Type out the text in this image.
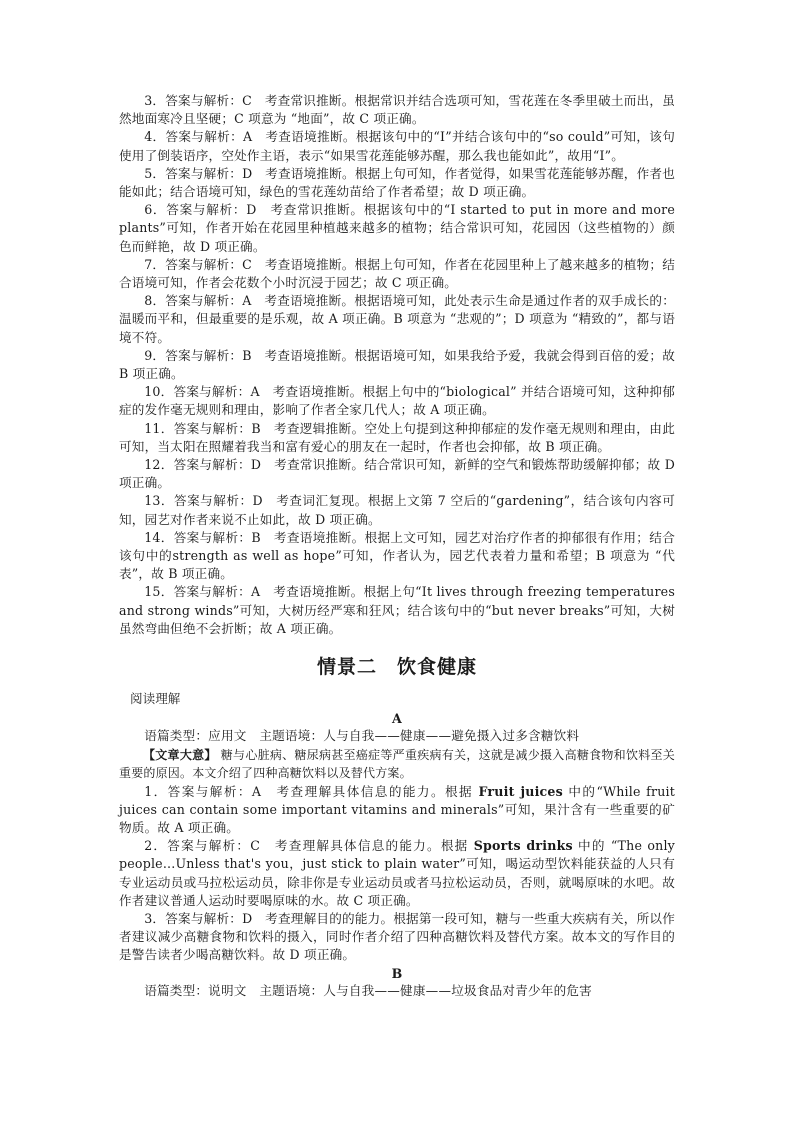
3．答案与解析：C　考查常识推断。根据常识并结合选项可知，雪花莲在冬季里破土而出，虽然地面寒冷且坚硬；C 项意为 “地面”，故 C 项正确。

4．答案与解析：A　考查语境推断。根据该句中的“I”并结合该句中的“so could”可知，该句使用了倒装语序，空处作主语，表示“如果雪花莲能够苏醒，那么我也能如此”，故用“I”。

5．答案与解析：D　考查语境推断。根据上句可知，作者觉得，如果雪花莲能够苏醒，作者也能如此；结合语境可知，绿色的雪花莲幼苗给了作者希望；故 D 项正确。

6．答案与解析：D　考查常识推断。根据该句中的“I started to put in more and more plants”可知，作者开始在花园里种植越来越多的植物；结合常识可知，花园因（这些植物的）颜色而鲜艳，故 D 项正确。

7．答案与解析：C　考查语境推断。根据上句可知，作者在花园里种上了越来越多的植物；结合语境可知，作者会花数个小时沉浸于园艺；故 C 项正确。

8．答案与解析：A　考查语境推断。根据语境可知，此处表示生命是通过作者的双手成长的：温暖而平和，但最重要的是乐观，故 A 项正确。B 项意为 “悲观的”；D 项意为 “精致的”，都与语境不符。

9．答案与解析：B　考查语境推断。根据语境可知，如果我给予爱，我就会得到百倍的爱；故 B 项正确。

10．答案与解析：A　考查语境推断。根据上句中的“biological” 并结合语境可知，这种抑郁症的发作毫无规则和理由，影响了作者全家几代人；故 A 项正确。

11．答案与解析：B　考查逻辑推断。空处上句提到这种抑郁症的发作毫无规则和理由，由此可知，当太阳在照耀着我当和富有爱心的朋友在一起时，作者也会抑郁，故 B 项正确。

12．答案与解析：D　考查常识推断。结合常识可知，新鲜的空气和锻炼帮助缓解抑郁；故 D 项正确。

13．答案与解析：D　考查词汇复现。根据上文第 7 空后的“gardening”，结合该句内容可知，园艺对作者来说不止如此，故 D 项正确。

14．答案与解析：B　考查语境推断。根据上文可知，园艺对治疗作者的抑郁很有作用；结合该句中的strength as well as hope”可知，作者认为，园艺代表着力量和希望；B 项意为 “代表”，故 B 项正确。

15．答案与解析：A　考查语境推断。根据上句“It lives through freezing temperatures and strong winds”可知，大树历经严寒和狂风；结合该句中的“but never breaks”可知，大树虽然弯曲但绝不会折断；故 A 项正确。

情景二　饮食健康
阅读理解

A

语篇类型：应用文　主题语境：人与自我——健康——避免摄入过多含糖饮料

【文章大意】 糖与心脏病、糖尿病甚至癌症等严重疾病有关，这就是减少摄入高糖食物和饮料至关重要的原因。本文介绍了四种高糖饮料以及替代方案。

1．答案与解析：A　考查理解具体信息的能力。根据 Fruit juices 中的“While fruit juices can contain some important vitamins and minerals”可知，果汁含有一些重要的矿物质。故 A 项正确。

2．答案与解析：C　考查理解具体信息的能力。根据 Sports drinks 中的 “The only people...Unless that's you，just stick to plain water”可知，喝运动型饮料能获益的人只有专业运动员或马拉松运动员，除非你是专业运动员或者马拉松运动员，否则，就喝原味的水吧。故作者建议普通人运动时要喝原味的水。故 C 项正确。

3．答案与解析：D　考查理解目的的能力。根据第一段可知，糖与一些重大疾病有关，所以作者建议减少高糖食物和饮料的摄入，同时作者介绍了四种高糖饮料及替代方案。故本文的写作目的是警告读者少喝高糖饮料。故 D 项正确。

B

语篇类型：说明文　主题语境：人与自我——健康——垃圾食品对青少年的危害
